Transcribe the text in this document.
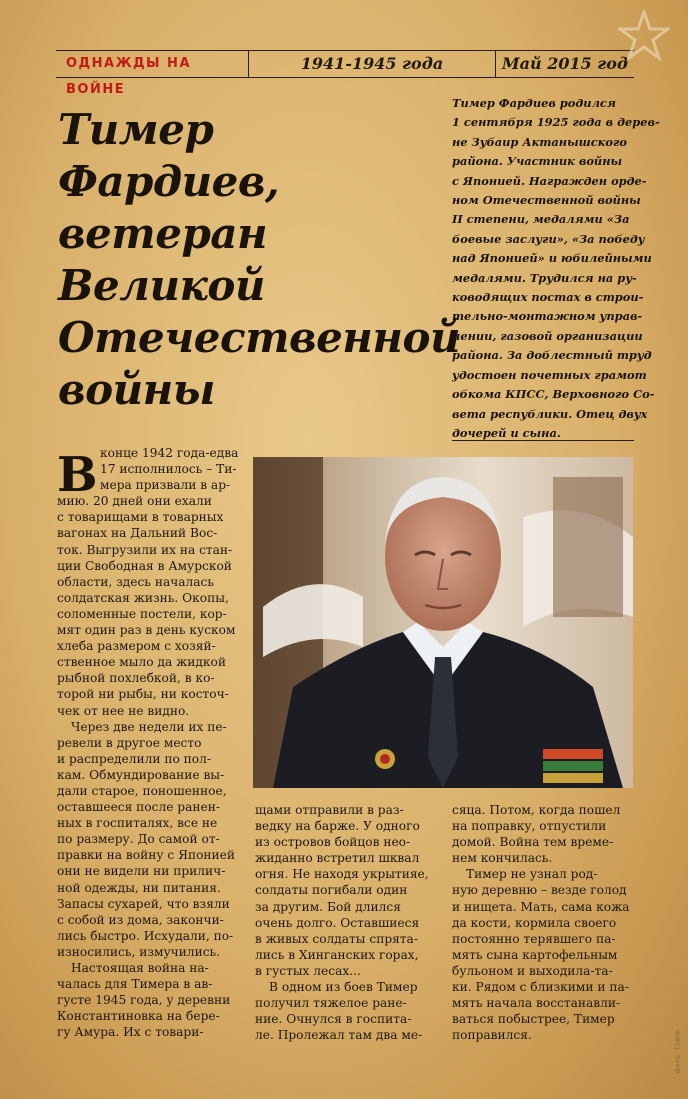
ОДНАЖДЫ НА ВОЙНЕ
1941-1945 года	Май 2015 год
Тимер
Фардиев,
ветеран
Великой
Отечественной
войны
Тимер Фардиев родился
1 сентября 1925 года в дерев-
не Зубаир Актанышского
района. Участник войны
с Японией. Награжден орде-
ном Отечественной войны
II степени, медалями «За
боевые заслуги», «За победу
над Японией» и юбилейными
медалями. Трудился на ру-
ководящих постах в строи-
тельно-монтажном управ-
лении, газовой организации
района. За доблестный труд
удостоен почетных грамот
обкома КПСС, Верховного Со-
вета республики. Отец двух
дочерей и сына.
В конце 1942 года-едва
17 исполнилось – Ти-
мера призвали в ар-
мию. 20 дней они ехали
с товарищами в товарных
вагонах на Дальний Вос-
ток. Выгрузили их на стан-
ции Свободная в Амурской
области, здесь началась
солдатская жизнь. Окопы,
соломенные постели, кор-
мят один раз в день куском
хлеба размером с хозяй-
ственное мыло да жидкой
рыбной похлебкой, в ко-
торой ни рыбы, ни косточ-
чек от нее не видно.
Через две недели их пе-
ревели в другое место
и распределили по пол-
кам. Обмундирование вы-
дали старое, поношенное,
оставшееся после ранен-
ных в госпиталях, все не
по размеру. До самой от-
правки на войну с Японией
они не видели ни прилич-
ной одежды, ни питания.
Запасы сухарей, что взяли
с собой из дома, закончи-
лись быстро. Исхудали, по-
износились, измучились.
Настоящая война на-
чалась для Тимера в ав-
густе 1945 года, у деревни
Константиновка на бере-
гу Амура. Их с товари-
щами отправили в раз-
ведку на барже. У одного
из островов бойцов нео-
жиданно встретил шквал
огня. Не находя укрытияе,
солдаты погибали один
за другим. Бой длился
очень долго. Оставшиеся
в живых солдаты спрята-
лись в Хинганских горах,
в густых лесах...
В одном из боев Тимер
получил тяжелое ране-
ние. Очнулся в госпита-
ле. Пролежал там два ме-
сяца. Потом, когда пошел
на поправку, отпустили
домой. Война тем време-
нем кончилась.
Тимер не узнал род-
ную деревню – везде голод
и нищета. Мать, сама кожа
да кости, кормила своего
постоянно терявшего па-
мять сына картофельным
бульоном и выходила-та-
ки. Рядом с близкими и па-
мять начала восстанавли-
ваться побыстрее, Тимер
поправился.	Фото: ТАИФ
